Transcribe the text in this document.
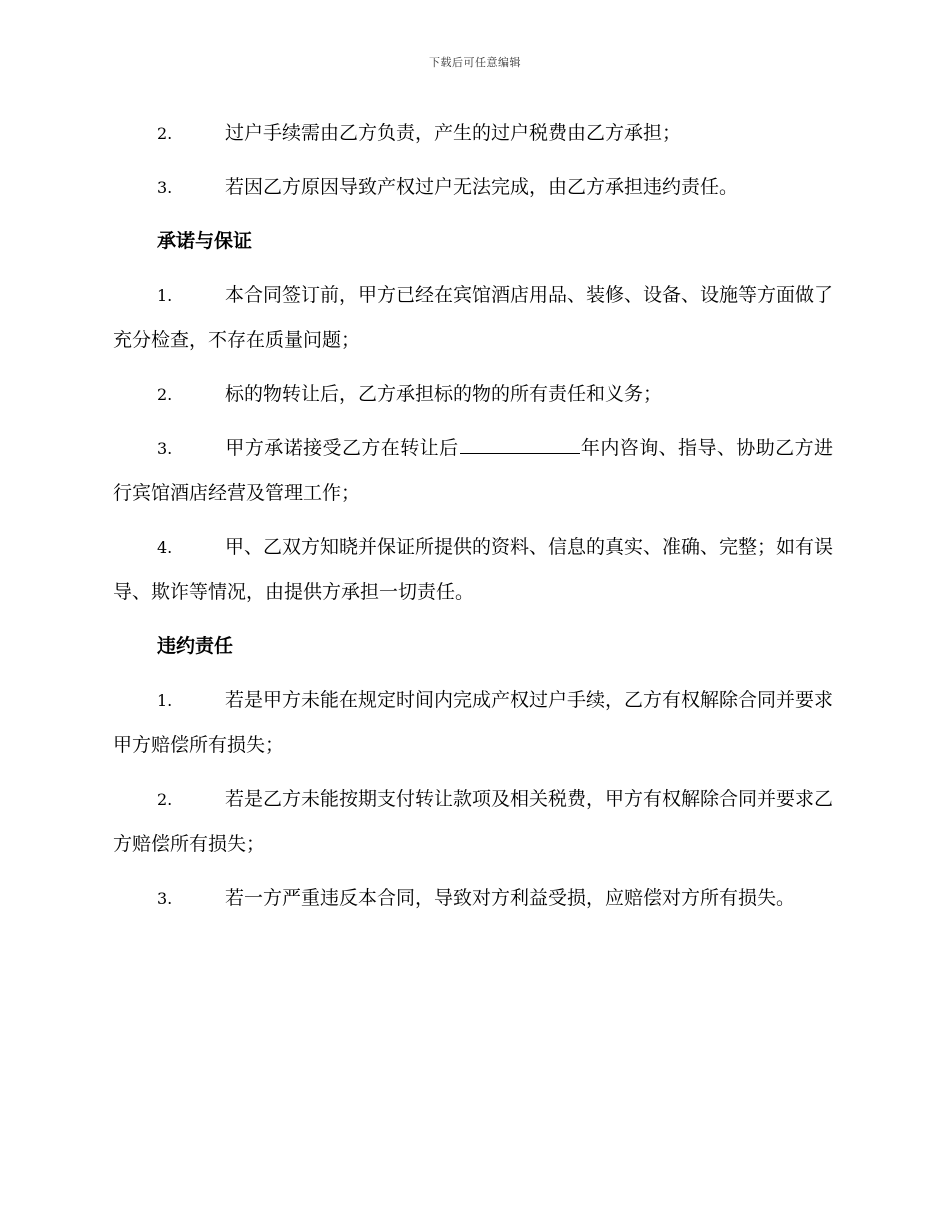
下载后可任意编辑

2.	过户手续需由乙方负责，产生的过户税费由乙方承担；

3.	若因乙方原因导致产权过户无法完成，由乙方承担违约责任。

承诺与保证

1.	本合同签订前，甲方已经在宾馆酒店用品、装修、设备、设施等方面做了充分检查，不存在质量问题；

2.	标的物转让后，乙方承担标的物的所有责任和义务；

3.	甲方承诺接受乙方在转让后	年内咨询、指导、协助乙方进行宾馆酒店经营及管理工作；

4.	甲、乙双方知晓并保证所提供的资料、信息的真实、准确、完整；如有误导、欺诈等情况，由提供方承担一切责任。

违约责任

1.	若是甲方未能在规定时间内完成产权过户手续，乙方有权解除合同并要求甲方赔偿所有损失；

2.	若是乙方未能按期支付转让款项及相关税费，甲方有权解除合同并要求乙方赔偿所有损失；

3.	若一方严重违反本合同，导致对方利益受损，应赔偿对方所有损失。
